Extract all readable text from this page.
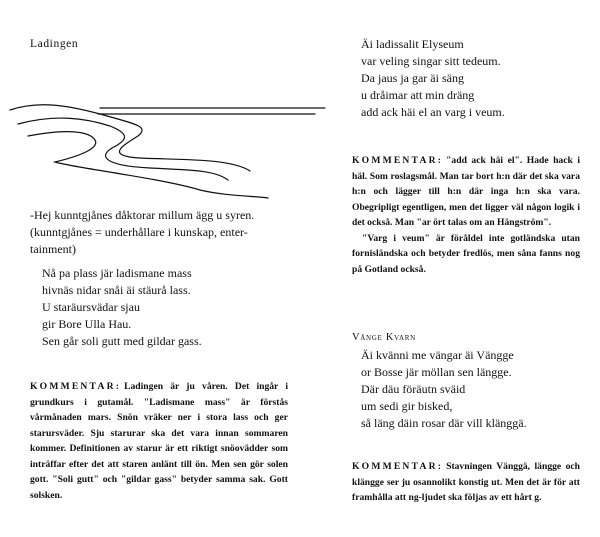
Ladingen
-Hej kunntgjånes dåktorar millum ägg u syren.
(kunntgjånes = underhållare i kunskap, enter-
tainment)
Nå pa plass jär ladismane mass
hivnäs nidar snåi äi stäurå lass.
U staräursvädar sjau
gir Bore Ulla Hau.
Sen går soli gutt med gildar gass.

KOMMENTAR: Ladingen är ju våren. Det ingår i grundkurs i gutamål. "Ladismane mass" är förstås vårmånaden mars. Snön vräker ner i stora lass och ger starursväder. Sju starurar ska det vara innan sommaren kommer. Definitionen av starur är ett riktigt snöovädder som inträffar efter det att staren anlänt till ön. Men sen gör solen gott. "Soli gutt" och "gildar gass" betyder samma sak. Gott solsken.

Äi ladissalit Elyseum
var veling singar sitt tedeum.
Da jaus ja gar äi säng
u dråimar att min dräng
add ack häi el an varg i veum.

KOMMENTAR: "add ack häi el". Hade hack i häl. Som roslagsmål. Man tar bort h:n där det ska vara h:n och lägger till h:n där inga h:n ska vara. Obegripligt egentligen, men det ligger väl någon logik i det också. Man "ar ört talas om an Hängström".

"Varg i veum" är föråldel inte gotländska utan fornisländska och betyder fredlös, men såna fanns nog på Gotland också.

Vänge Kvarn
Äi kvänni me vängar äi Vängge
or Bosse jär möllan sen längge.
Där däu föräutn sväid
um sedi gir bisked,
så läng däin rosar där vill klänggä.

KOMMENTAR: Stavningen Vänggä, länggе och klänggе ser ju osannolikt konstig ut. Men det är för att framhålla att ng-ljudet ska följas av ett hårt g.
